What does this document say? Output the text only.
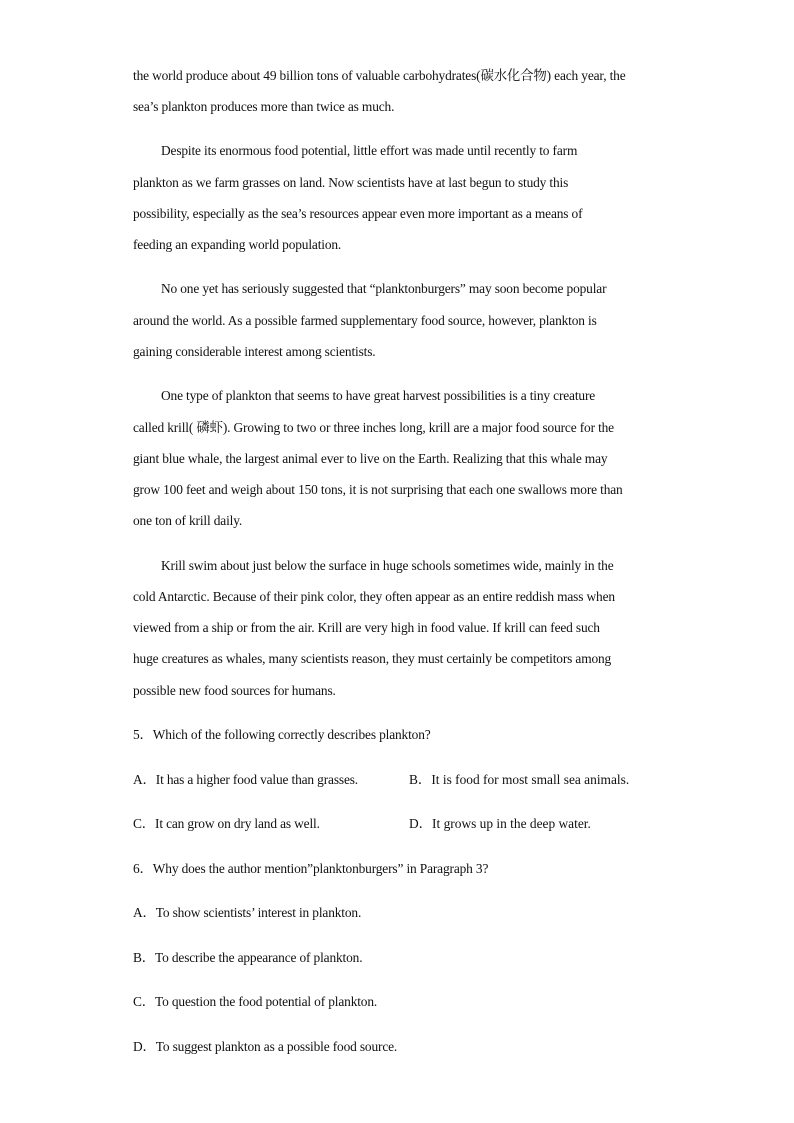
the world produce about 49 billion tons of valuable carbohydrates(碳水化合物) each year, the
sea’s plankton produces more than twice as much.
Despite its enormous food potential, little effort was made until recently to farm
plankton as we farm grasses on land. Now scientists have at last begun to study this
possibility, especially as the sea’s resources appear even more important as a means of
feeding an expanding world population.
No one yet has seriously suggested that “planktonburgers” may soon become popular
around the world. As a possible farmed supplementary food source, however, plankton is
gaining considerable interest among scientists.
One type of plankton that seems to have great harvest possibilities is a tiny creature
called krill( 磷虾). Growing to two or three inches long, krill are a major food source for the
giant blue whale, the largest animal ever to live on the Earth. Realizing that this whale may
grow 100 feet and weigh about 150 tons, it is not surprising that each one swallows more than
one ton of krill daily.
Krill swim about just below the surface in huge schools sometimes wide, mainly in the
cold Antarctic. Because of their pink color, they often appear as an entire reddish mass when
viewed from a ship or from the air. Krill are very high in food value. If krill can feed such
huge creatures as whales, many scientists reason, they must certainly be competitors among
possible new food sources for humans.
5．Which of the following correctly describes plankton?
A．It has a higher food value than grasses.	B．It is food for most small sea animals.
C．It can grow on dry land as well.	D．It grows up in the deep water.
6．Why does the author mention”planktonburgers” in Paragraph 3?
A．To show scientists’ interest in plankton.
B．To describe the appearance of plankton.
C．To question the food potential of plankton.
D．To suggest plankton as a possible food source.
